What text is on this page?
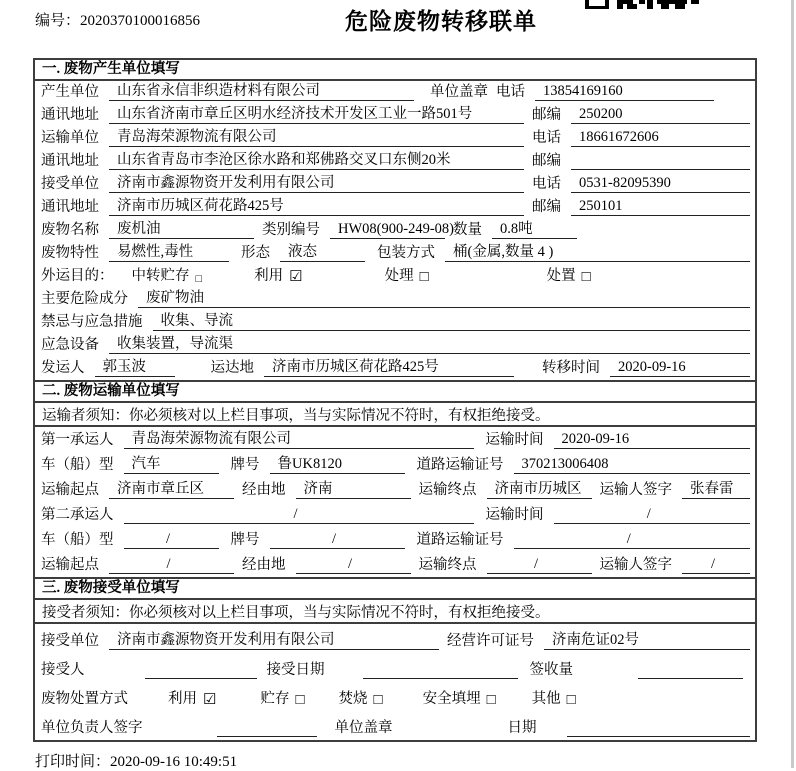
编号：2020370100016856	危险废物转移联单
一. 废物产生单位填写
产生单位	山东省永信非织造材料有限公司	单位盖章 电话	13854169160
通讯地址	山东省济南市章丘区明水经济技术开发区工业一路501号	邮编	250200
运输单位	青岛海荣源物流有限公司	电话	18661672606
通讯地址	山东省青岛市李沧区徐水路和郑佛路交叉口东侧20米	邮编
接受单位	济南市鑫源物资开发利用有限公司	电话	0531-82095390
通讯地址	济南市历城区荷花路425号	邮编	250101
废物名称	废机油	类别编号	HW08(900-249-08) 数量	0.8吨
废物特性	易燃性,毒性	形态	液态	包装方式	桶(金属,数量 4 )
外运目的： 中转贮存 □	利用 ☑	处理 □	处置 □
主要危险成分	废矿物油
禁忌与应急措施	收集、导流
应急设备	收集装置，导流渠
发运人	郭玉波	运达地	济南市历城区荷花路425号	转移时间	2020-09-16
二. 废物运输单位填写
运输者须知：你必须核对以上栏目事项，当与实际情况不符时，有权拒绝接受。
第一承运人	青岛海荣源物流有限公司	运输时间	2020-09-16
车（船）型	汽车	牌号	鲁UK8120	道路运输证号	370213006408
运输起点	济南市章丘区	经由地	济南	运输终点	济南市历城区	运输人签字	张春雷
第二承运人	/	运输时间	/
车（船）型	/	牌号	/	道路运输证号	/
运输起点	/	经由地	/	运输终点	/	运输人签字	/
三. 废物接受单位填写
接受者须知：你必须核对以上栏目事项，当与实际情况不符时，有权拒绝接受。
接受单位	济南市鑫源物资开发利用有限公司	经营许可证号	济南危证02号
接受人	接受日期	签收量
废物处置方式	利用 ☑	贮存 □ 焚烧 □	安全填埋 □ 其他 □
单位负责人签字	单位盖章	日期
打印时间：2020-09-16 10:49:51
